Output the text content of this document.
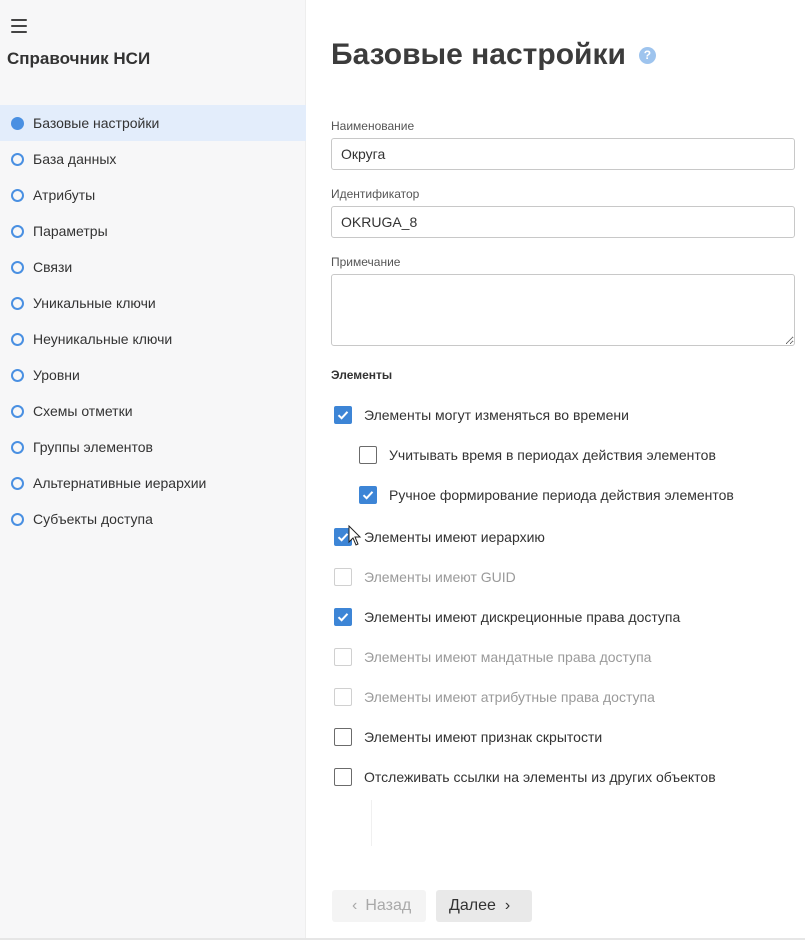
Справочник НСИ
Базовые настройки
База данных
Атрибуты
Параметры
Связи
Уникальные ключи
Неуникальные ключи
Уровни
Схемы отметки
Группы элементов
Альтернативные иерархии
Субъекты доступа
Базовые настройки	?
Наименование
Округа
Идентификатор
OKRUGA_8
Примечание
Элементы
Элементы могут изменяться во времени
Учитывать время в периодах действия элементов
Ручное формирование периода действия элементов
Элементы имеют иерархию
Элементы имеют GUID
Элементы имеют дискреционные права доступа
Элементы имеют мандатные права доступа
Элементы имеют атрибутные права доступа
Элементы имеют признак скрытости
Отслеживать ссылки на элементы из других объектов
‹ Назад Далее ›
